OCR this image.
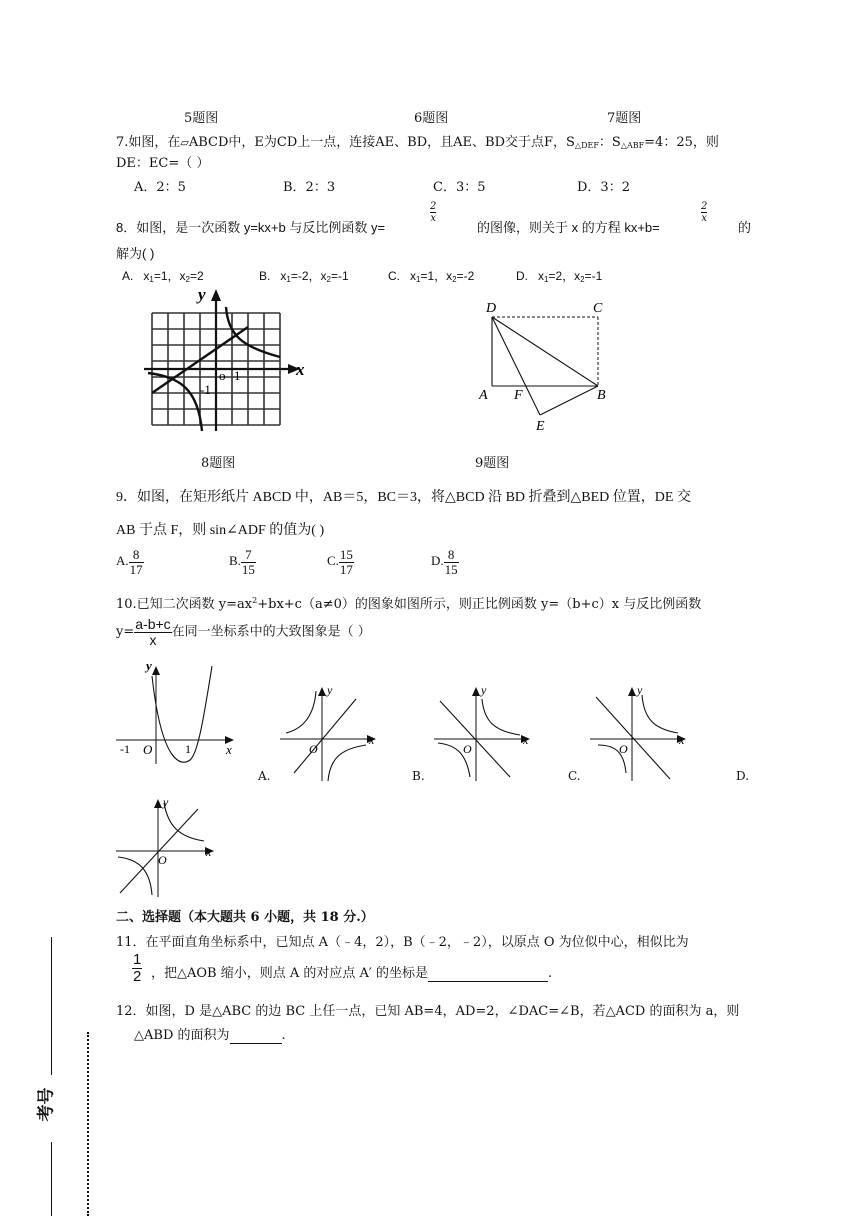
5题图	6题图	7题图
7.如图，在▱ABCD中，E为CD上一点，连接AE、BD，且AE、BD交于点F，$S_{\triangle DEF}$：$S_{\triangle ABF}=4$：25，则
DE：EC=（ ）
A．2：5	B．2：3	C．3：5	D．3：2
8．如图，是一次函数 y=kx+b 与反比例函数 y=
$\frac{2}{x}$
的图像，则关于 x 的方程 kx+b=
$\frac{2}{x}$
的
解为( )
A. $x_1=1$，$x_2=2$	B. $x_1=-2$，$x_2=-1$	C. $x_1=1$，$x_2=-2$	D. $x_1=2$，$x_2=-1$
y
x
o 1
-1
D	C
A F	B
E
8题图	9题图
9．如图，在矩形纸片 ABCD 中，AB＝5，BC＝3，将△BCD 沿 BD 折叠到△BED 位置，DE 交
AB 于点 F，则 sin∠ADF 的值为( )
A. $\frac{8}{17}$	B. $\frac{7}{15}$	C. $\frac{15}{17}$	D. $\frac{8}{15}$
10.已知二次函数 $y=ax^2+bx+c(a\ne 0)$的图象如图所示，则正比例函数 y=（b+c）x 与反比例函数
$y= \frac{a-b+c}{x}$ 在同一坐标系中的大致图象是（ ）
y
x
O
-1	1
y
x
O
A.
y
x
O
B.
y
x
O
C.	D.
y
x
O
二、选择题（本大题共 6 小题，共 18 分.）
11．在平面直角坐标系中，已知点 A（﹣4，2），B（﹣2，﹣2），以原点 O 为位似中心，相似比为
$\frac{1}{2}$ ，把△AOB 缩小，则点 A 的对应点 A′ 的坐标是	.
12．如图，D 是△ABC 的边 BC 上任一点，已知 AB=4，AD=2，∠DAC=∠B，若△ACD 的面积为 a，则
△ABD 的面积为	.
考号
